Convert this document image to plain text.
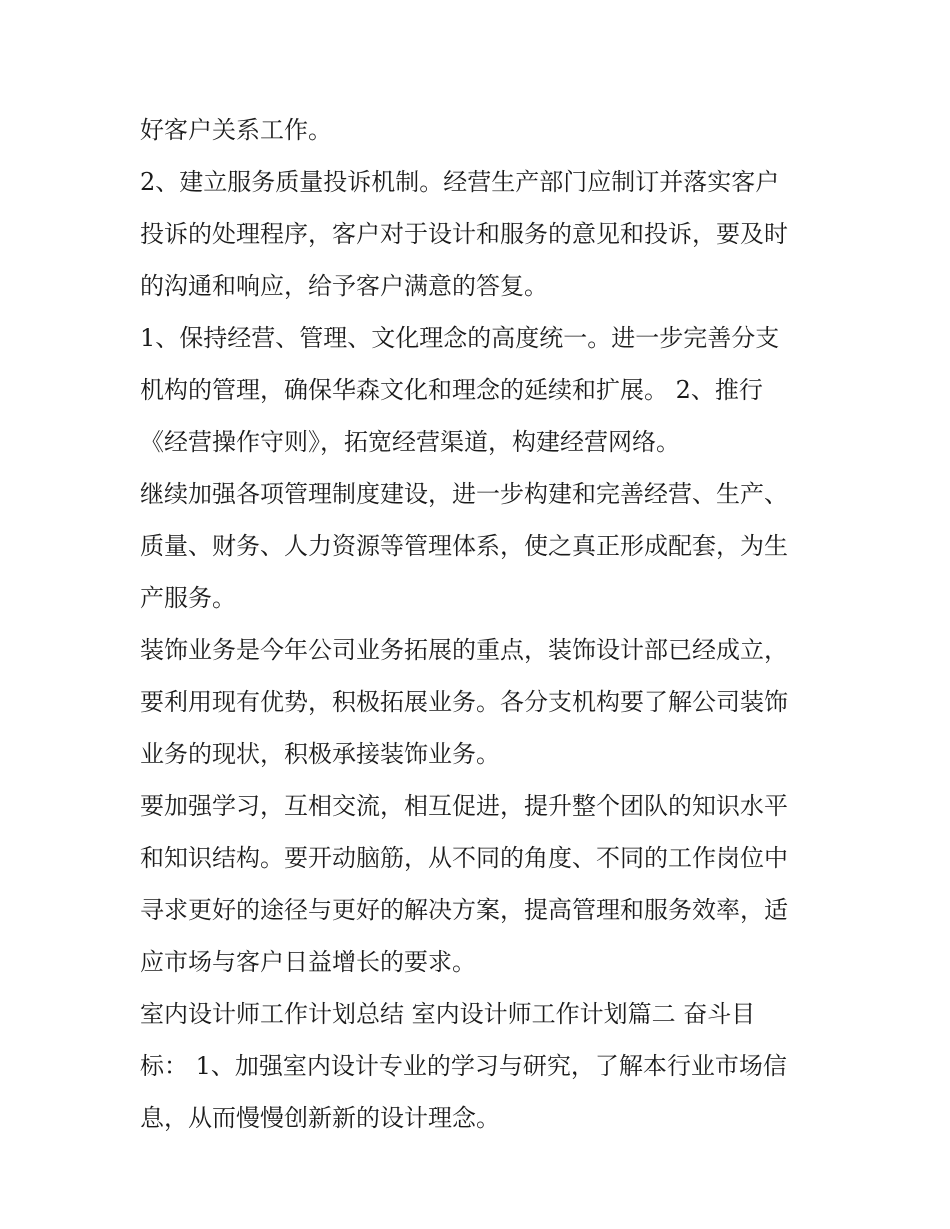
好客户关系工作。
2、建立服务质量投诉机制。经营生产部门应制订并落实客户
投诉的处理程序，客户对于设计和服务的意见和投诉，要及时
的沟通和响应，给予客户满意的答复。
1、保持经营、管理、文化理念的高度统一。进一步完善分支
机构的管理，确保华森文化和理念的延续和扩展。 2、推行
《经营操作守则》，拓宽经营渠道，构建经营网络。
继续加强各项管理制度建设，进一步构建和完善经营、生产、
质量、财务、人力资源等管理体系，使之真正形成配套，为生
产服务。
装饰业务是今年公司业务拓展的重点，装饰设计部已经成立，
要利用现有优势，积极拓展业务。各分支机构要了解公司装饰
业务的现状，积极承接装饰业务。
要加强学习，互相交流，相互促进，提升整个团队的知识水平
和知识结构。要开动脑筋，从不同的角度、不同的工作岗位中
寻求更好的途径与更好的解决方案，提高管理和服务效率，适
应市场与客户日益增长的要求。
室内设计师工作计划总结 室内设计师工作计划篇二 奋斗目
标： 1、加强室内设计专业的学习与研究，了解本行业市场信
息，从而慢慢创新新的设计理念。
